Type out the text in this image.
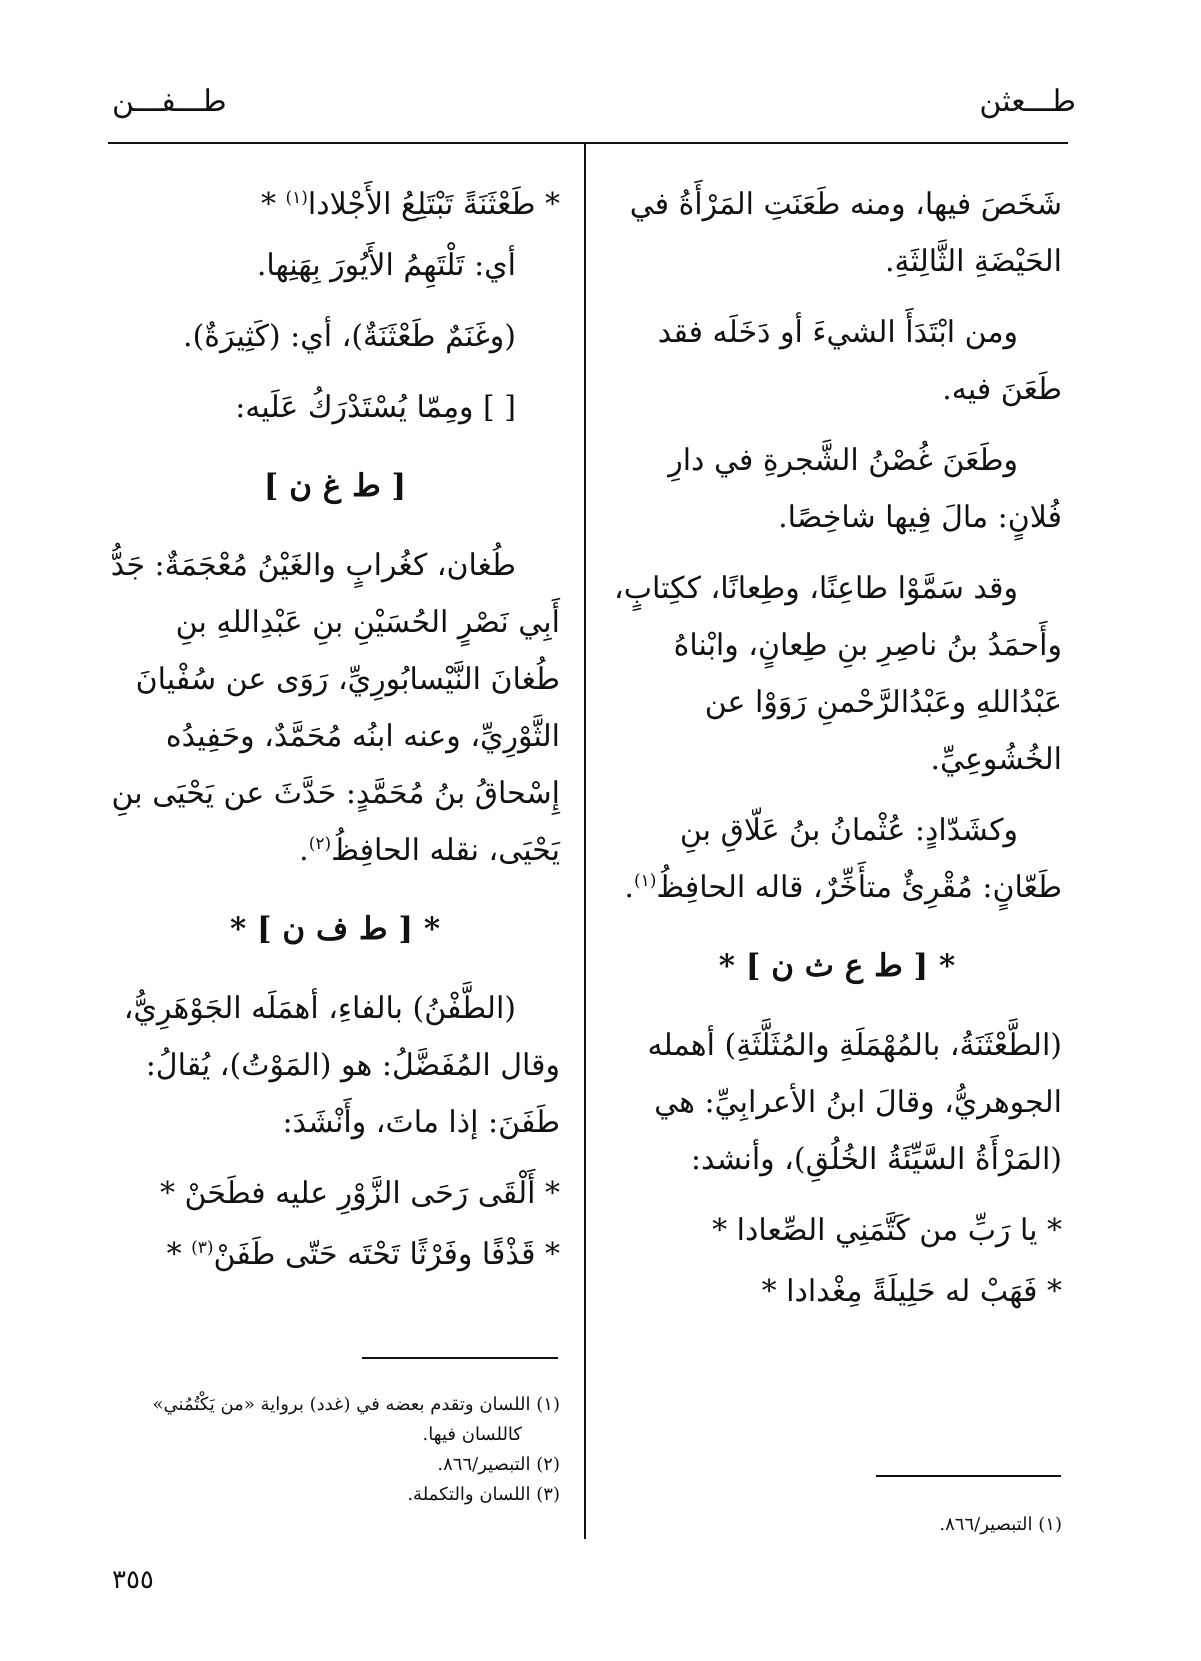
طـــعثن
طـــفـــن

شَخَصَ فيها، ومنه طَعَنَتِ المَرْأَةُ في الحَيْضَةِ الثَّالِثَةِ.

ومن ابْتَدَأَ الشيءَ أو دَخَلَه فقد طَعَنَ فيه.

وطَعَنَ غُصْنُ الشَّجرةِ في دارِ فُلانٍ: مالَ فِيها شاخِصًا.

وقد سَمَّوْا طاعِنًا، وطِعانًا، ككِتابٍ، وأَحمَدُ بنُ ناصِرِ بنِ طِعانٍ، وابْناهُ عَبْدُاللهِ وعَبْدُالرَّحْمنِ رَوَوْا عن الخُشُوعِيِّ.

وكشَدّادٍ: عُثْمانُ بنُ عَلّاقِ بنِ طَعّانٍ: مُقْرِئٌ متأَخِّرٌ، قاله الحافِظُ$^{(١)}$.

* [ ط ع ث ن ] *

(الطَّعْثَنَةُ، بالمُهْمَلَةِ والمُثَلَّثَةِ) أهمله الجوهريُّ، وقالَ ابنُ الأعرابِيِّ: هي (المَرْأَةُ السَّيِّئَةُ الخُلُقِ)، وأنشد:

* يا رَبِّ من كَتَّمَنِي الصِّعادا *

* فَهَبْ له حَلِيلَةً مِغْدادا *

(١) التبصير/٨٦٦.

* طَعْثَنَةً تَبْتَلِعُ الأَجْلادا$^{(١)}$ *

أي: تَلْتَهِمُ الأَيُورَ بِهَنِها.

(وغَنَمٌ طَعْثَنَةٌ)، أي: (كَثِيرَةٌ).

[ ] ومِمّا يُسْتَدْرَكُ عَلَيه:

[ ط غ ن ]

طُغان، كغُرابٍ والغَيْنُ مُعْجَمَةٌ: جَدُّ أَبِي نَصْرٍ الحُسَيْنِ بنِ عَبْدِاللهِ بنِ طُغانَ النَّيْسابُورِيِّ، رَوَى عن سُفْيانَ الثَّوْرِيِّ، وعنه ابنُه مُحَمَّدٌ، وحَفِيدُه إِسْحاقُ بنُ مُحَمَّدٍ: حَدَّثَ عن يَحْيَى بنِ يَحْيَى، نقله الحافِظُ$^{(٢)}$.

* [ ط ف ن ] *

(الطَّفْنُ) بالفاءِ، أهمَلَه الجَوْهَرِيُّ، وقال المُفَضَّلُ: هو (المَوْتُ)، يُقالُ: طَفَنَ: إذا ماتَ، وأَنْشَدَ:

* أَلْقَى رَحَى الزَّوْرِ عليه فطَحَنْ *

* قَذْفًا وفَرْثًا تَحْتَه حَتّى طَفَنْ$^{(٣)}$ *

(١) اللسان وتقدم بعضه في (غدد) برواية «من يَكْتُمُني»

كاللسان فيها.

(٢) التبصير/٨٦٦.

(٣) اللسان والتكملة.

٣٥٥
